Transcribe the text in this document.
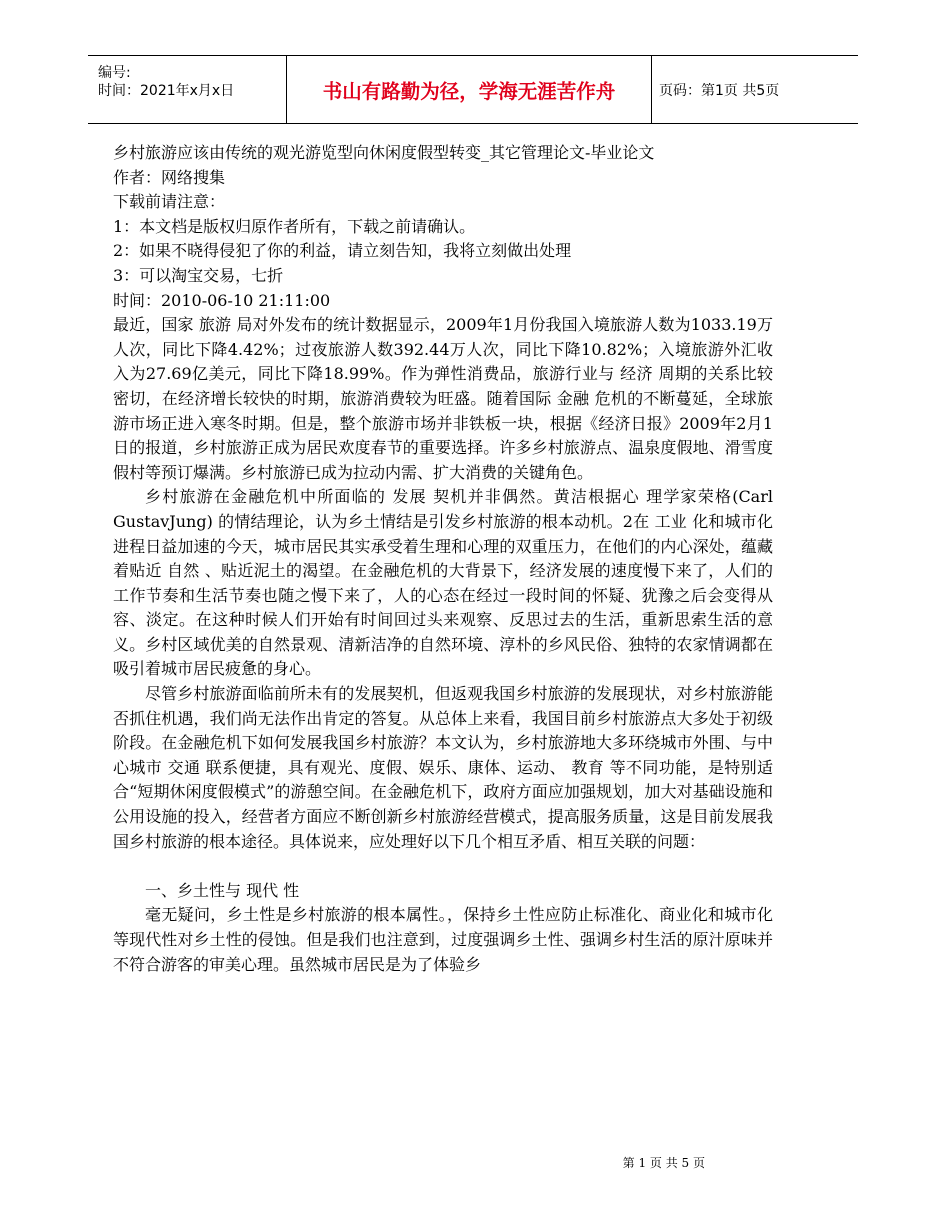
编号:
时间：2021年x月x日	书山有路勤为径，学海无涯苦作舟	页码：第1页 共5页

乡村旅游应该由传统的观光游览型向休闲度假型转变_其它管理论文-毕业论文

作者：网络搜集

下载前请注意：

1：本文档是版权归原作者所有，下载之前请确认。

2：如果不晓得侵犯了你的利益，请立刻告知，我将立刻做出处理

3：可以淘宝交易，七折

时间：2010-06-10 21:11:00

最近，国家 旅游 局对外发布的统计数据显示，2009年1月份我国入境旅游人数为1033.19万人次，同比下降4.42%；过夜旅游人数392.44万人次，同比下降10.82%；入境旅游外汇收入为27.69亿美元，同比下降18.99%。作为弹性消费品，旅游行业与 经济 周期的关系比较密切，在经济增长较快的时期，旅游消费较为旺盛。随着国际 金融 危机的不断蔓延，全球旅游市场正进入寒冬时期。但是，整个旅游市场并非铁板一块，根据《经济日报》2009年2月1日的报道，乡村旅游正成为居民欢度春节的重要选择。许多乡村旅游点、温泉度假地、滑雪度假村等预订爆满。乡村旅游已成为拉动内需、扩大消费的关键角色。

乡村旅游在金融危机中所面临的 发展 契机并非偶然。黄洁根据心 理学家荣格(Carl GustavJung) 的情结理论，认为乡土情结是引发乡村旅游的根本动机。2在 工业 化和城市化进程日益加速的今天，城市居民其实承受着生理和心理的双重压力，在他们的内心深处，蕴藏着贴近 自然 、贴近泥土的渴望。在金融危机的大背景下，经济发展的速度慢下来了，人们的工作节奏和生活节奏也随之慢下来了，人的心态在经过一段时间的怀疑、犹豫之后会变得从容、淡定。在这种时候人们开始有时间回过头来观察、反思过去的生活，重新思索生活的意义。乡村区域优美的自然景观、清新洁净的自然环境、淳朴的乡风民俗、独特的农家情调都在吸引着城市居民疲惫的身心。

尽管乡村旅游面临前所未有的发展契机，但返观我国乡村旅游的发展现状，对乡村旅游能否抓住机遇，我们尚无法作出肯定的答复。从总体上来看，我国目前乡村旅游点大多处于初级阶段。在金融危机下如何发展我国乡村旅游？本文认为，乡村旅游地大多环绕城市外围、与中心城市 交通 联系便捷，具有观光、度假、娱乐、康体、运动、 教育 等不同功能，是特别适合“短期休闲度假模式”的游憩空间。在金融危机下，政府方面应加强规划，加大对基础设施和公用设施的投入，经营者方面应不断创新乡村旅游经营模式，提高服务质量，这是目前发展我国乡村旅游的根本途径。具体说来，应处理好以下几个相互矛盾、相互关联的问题：

一、乡土性与 现代 性

毫无疑问，乡土性是乡村旅游的根本属性。，保持乡土性应防止标准化、商业化和城市化等现代性对乡土性的侵蚀。但是我们也注意到，过度强调乡土性、强调乡村生活的原汁原味并不符合游客的审美心理。虽然城市居民是为了体验乡

第 1 页 共 5 页
